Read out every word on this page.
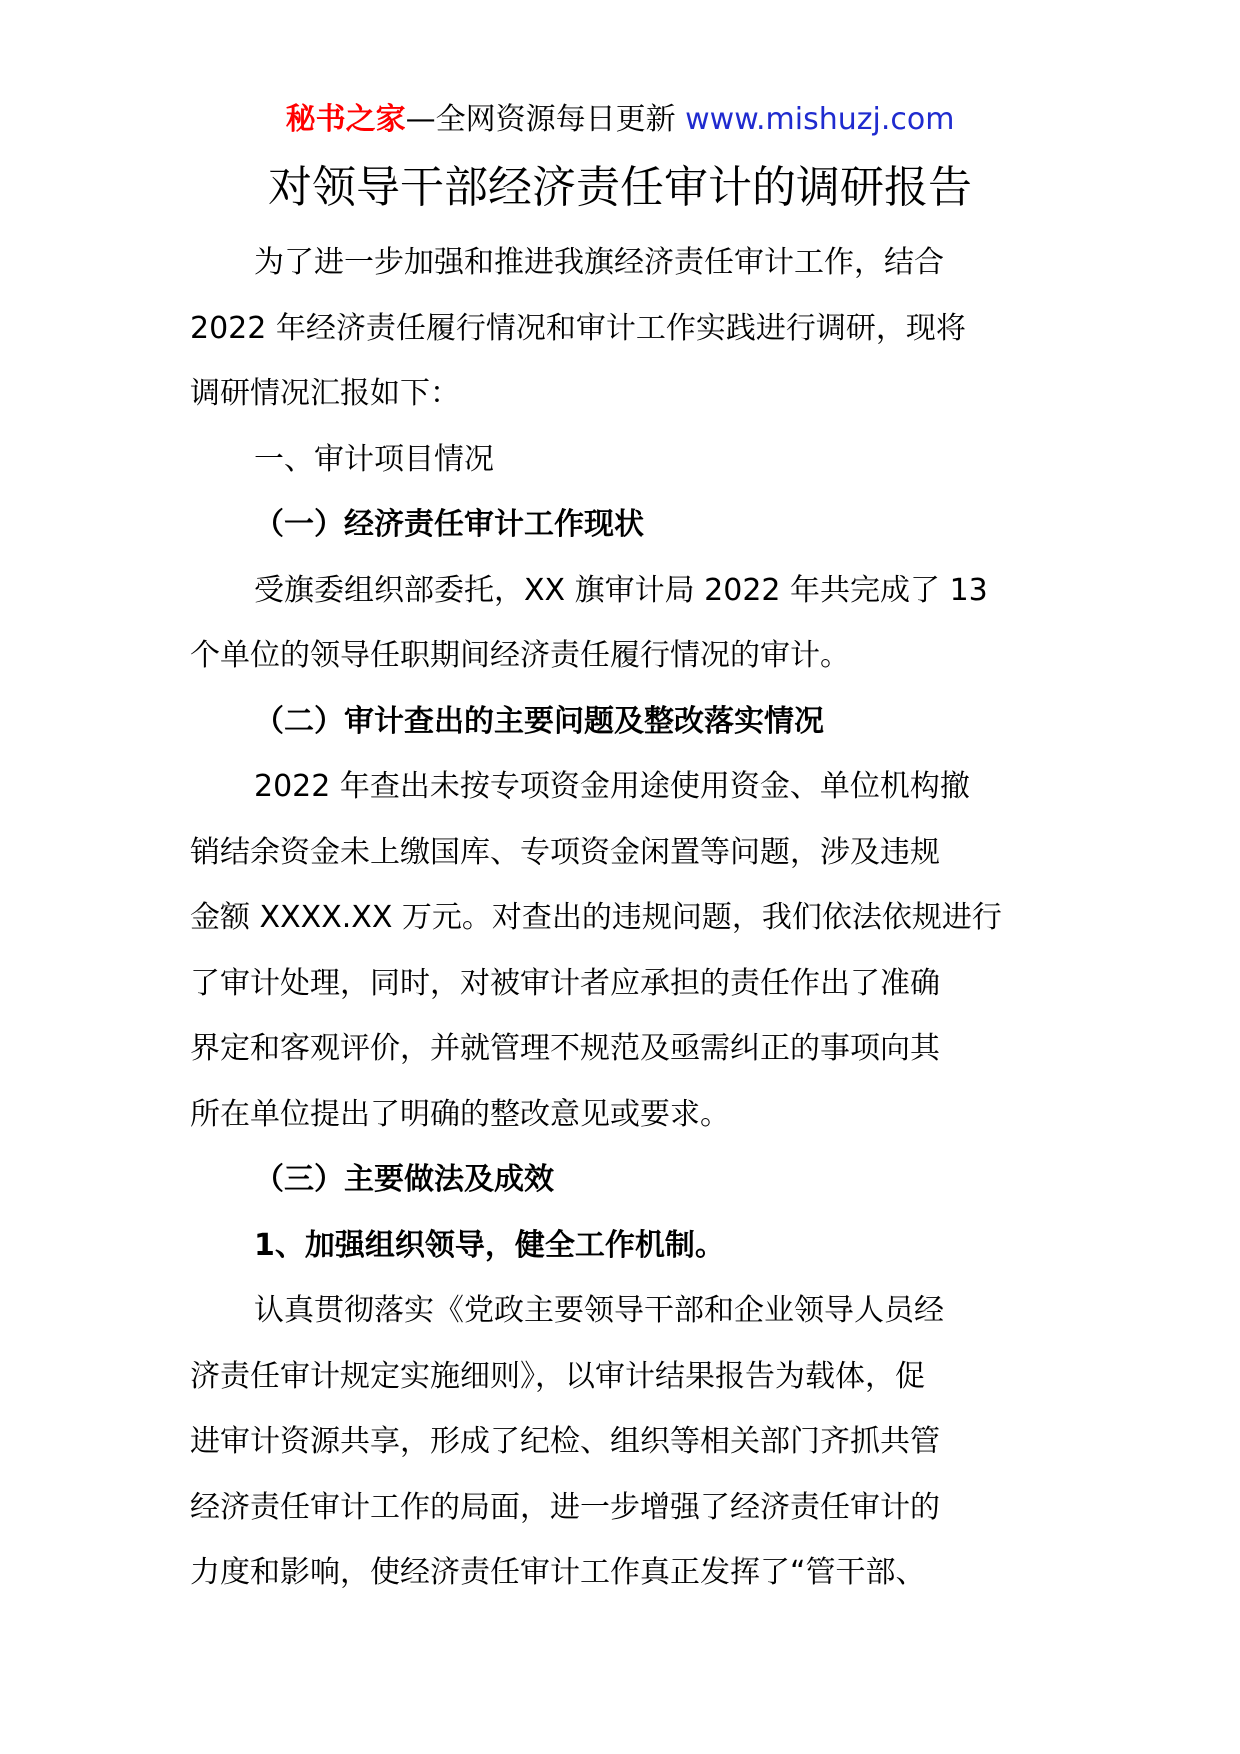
秘书之家—全网资源每日更新 www.mishuzj.com
对领导干部经济责任审计的调研报告
为了进一步加强和推进我旗经济责任审计工作，结合
2022 年经济责任履行情况和审计工作实践进行调研，现将
调研情况汇报如下：
一、审计项目情况
（一）经济责任审计工作现状
受旗委组织部委托，XX 旗审计局 2022 年共完成了 13
个单位的领导任职期间经济责任履行情况的审计。
（二）审计查出的主要问题及整改落实情况
2022 年查出未按专项资金用途使用资金、单位机构撤
销结余资金未上缴国库、专项资金闲置等问题，涉及违规
金额 XXXX.XX 万元。对查出的违规问题，我们依法依规进行
了审计处理，同时，对被审计者应承担的责任作出了准确
界定和客观评价，并就管理不规范及亟需纠正的事项向其
所在单位提出了明确的整改意见或要求。
（三）主要做法及成效
1、加强组织领导，健全工作机制。
认真贯彻落实《党政主要领导干部和企业领导人员经
济责任审计规定实施细则》，以审计结果报告为载体，促
进审计资源共享，形成了纪检、组织等相关部门齐抓共管
经济责任审计工作的局面，进一步增强了经济责任审计的
力度和影响，使经济责任审计工作真正发挥了“管干部、
